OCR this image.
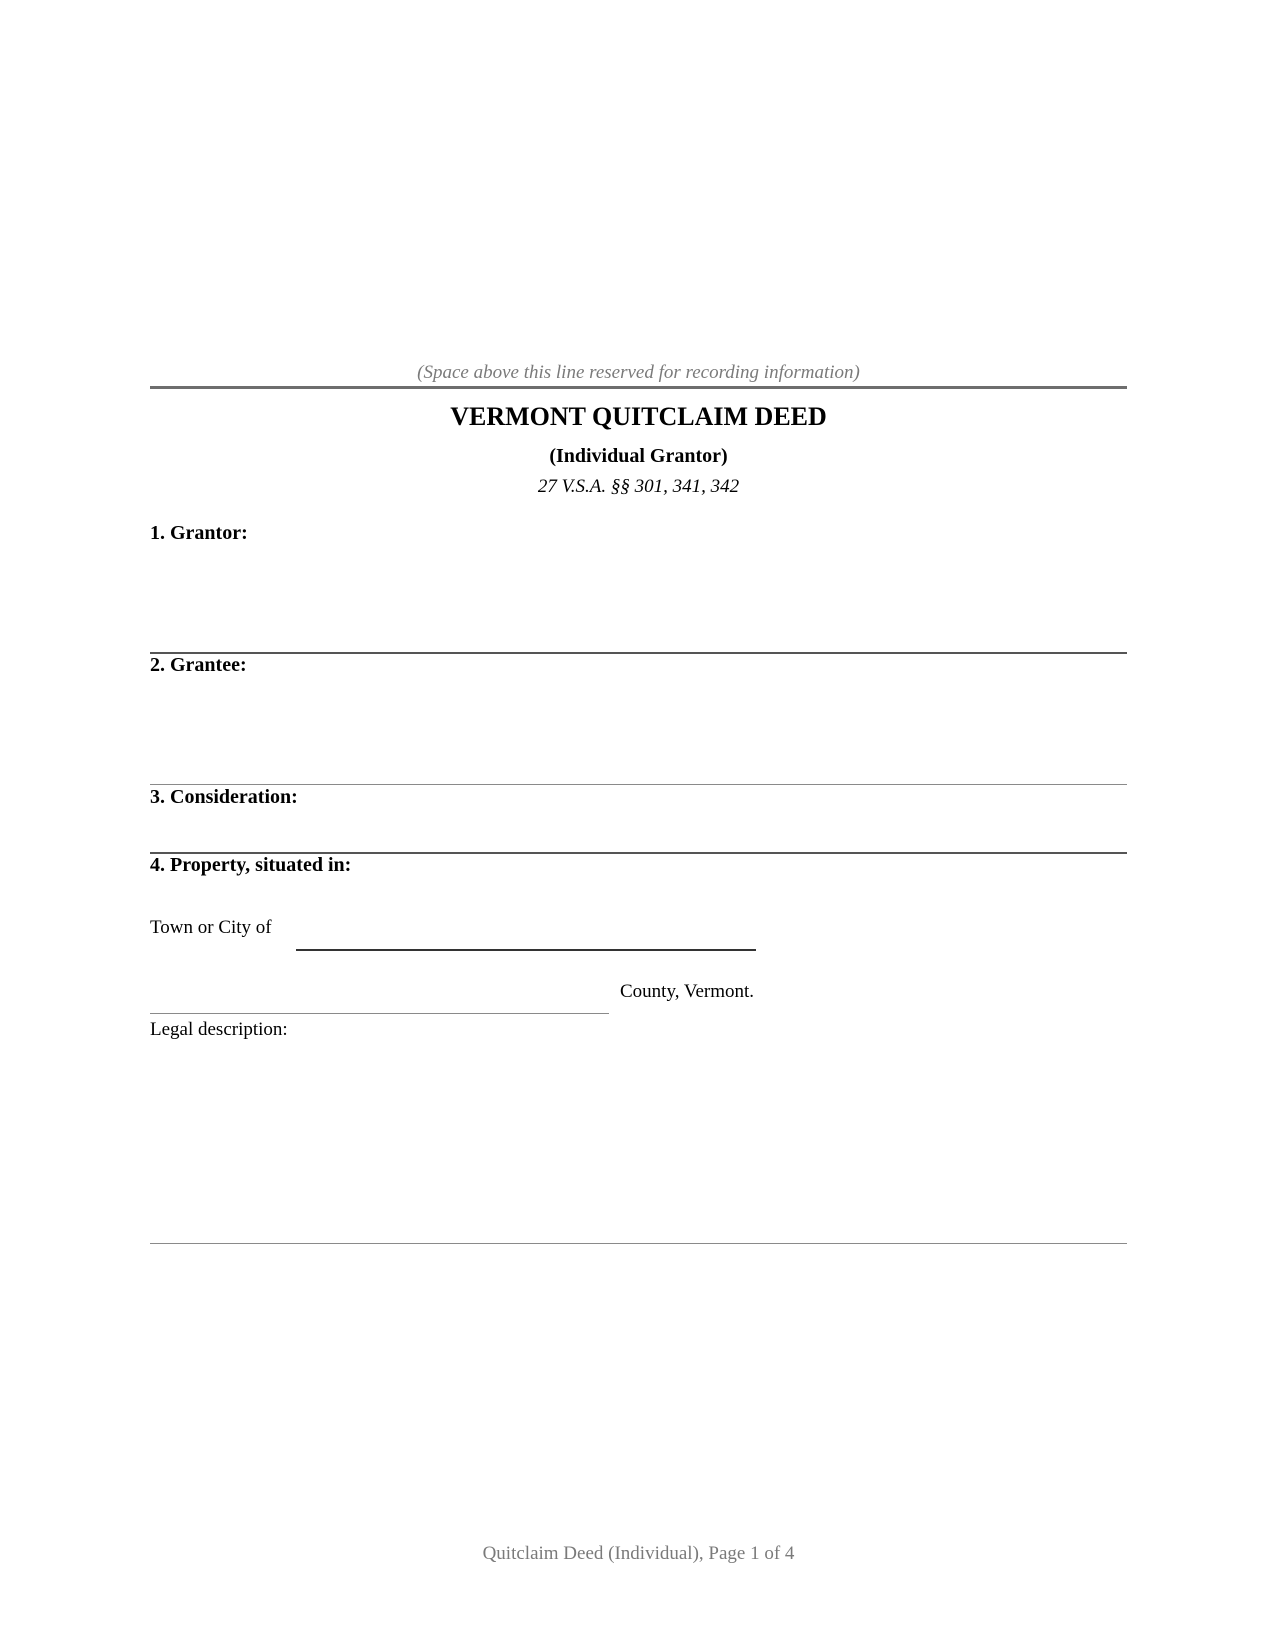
(Space above this line reserved for recording information)
VERMONT QUITCLAIM DEED
(Individual Grantor)
27 V.S.A. §§ 301, 341, 342
1. Grantor:
2. Grantee:
3. Consideration:
4. Property, situated in:
Town or City of
County, Vermont.
Legal description:
Quitclaim Deed (Individual), Page 1 of 4
